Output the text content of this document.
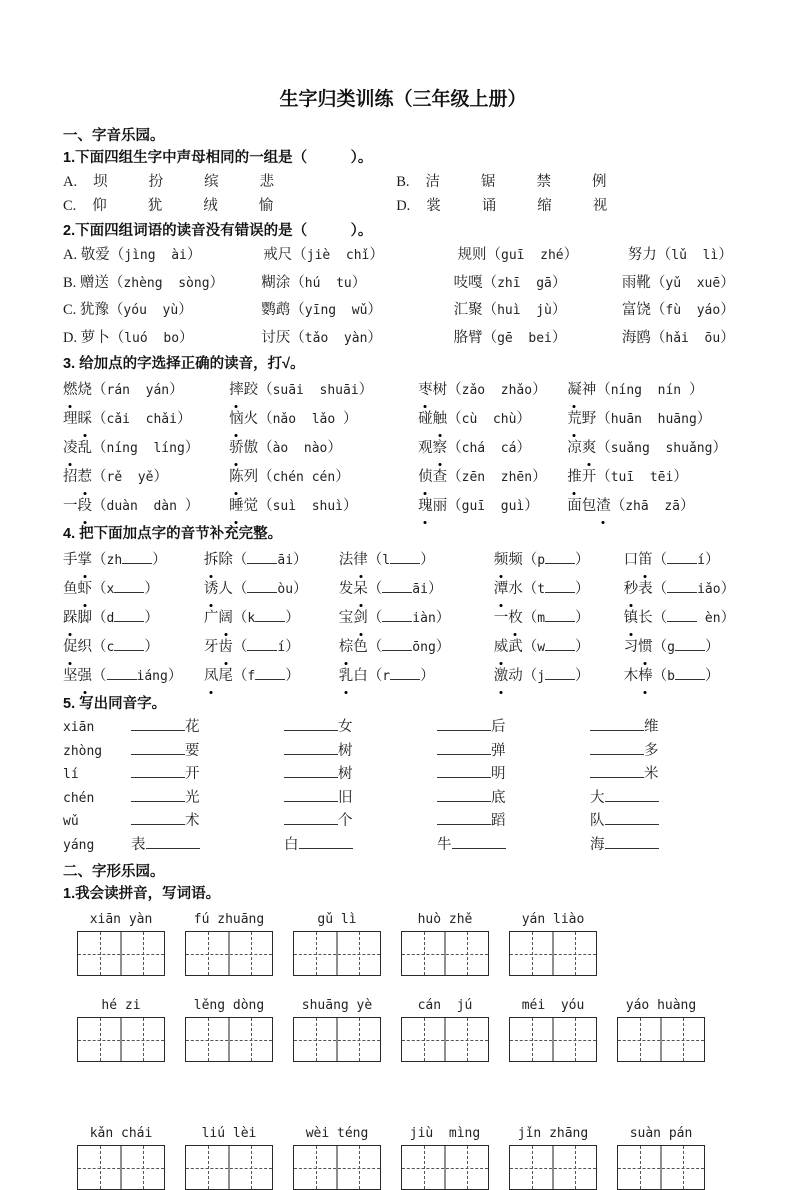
生字归类训练（三年级上册）
一、字音乐园。
1.下面四组生字中声母相同的一组是（　　　）。
A. 坝	扮	缤	悲	B. 洁	锯	禁	例
C. 仰	犹	绒	愉	D. 裳	诵	缩	视
2.下面四组词语的读音没有错误的是（　　　）。
A. 敬爱（jìng  ài）	戒尺（jiè  chǐ）	规则（guī  zhé）	努力（lǔ  lì）
B. 赠送（zhèng  sòng）	糊涂（hú  tu）	吱嘎（zhī  gā）	雨靴（yǔ  xuē）
C. 犹豫（yóu  yù）	鹦鹉（yīng  wǔ）	汇聚（huì  jù）	富饶（fù  yáo）
D. 萝卜（luó  bo）	讨厌（tǎo  yàn）	胳臂（gē  bei）	海鸥（hǎi  ōu）
3. 给加点的字选择正确的读音，打√。
燃烧（rán  yán）	摔跤（suāi  shuāi）	枣树（zǎo  zhǎo）	凝神（níng  nín ）
理睬（cǎi  chǎi）	恼火（nǎo  lǎo ）	碰触（cù  chù）	荒野（huān  huāng）
凌乱（níng  líng）	骄傲（ào  nào）	观察（chá  cá）	凉爽（suǎng  shuǎng）
招惹（rě  yě）	陈列（chén cén）	侦查（zēn  zhēn）	推开（tuī  tēi）
一段（duàn  dàn ）	睡觉（suì  shuì）	瑰丽（guī  guì）	面包渣（zhā  zā）
4. 把下面加点字的音节补充完整。
手掌（zh ）	拆除（ āi）	法律（l ）	频频（p ）	口笛（ í）
鱼虾（x ）	诱人（ òu）	发呆（ āi）	潭水（t ）	秒表（ iǎo）
跺脚（d ）	广阔（k ）	宝剑（ iàn）	一枚（m ）	镇长（ èn）
促织（c ）	牙齿（ í）	棕色（ ōng）	威武（w ）	习惯（g ）
坚强（ iáng）	凤尾（f ）	乳白（r ）	激动（j ）	木棒（b ）
5. 写出同音字。
xiān	花	女	后	维
zhòng	要	树	弹	多
lí	开	树	明	米
chén	光	旧	底	大
wǔ	术	个	蹈	队
yáng	表	白	牛	海
二、字形乐园。
1.我会读拼音，写词语。
xiān yàn	fú zhuāng	gǔ lì	huò zhě	yán liào
hé zi	lěng dòng	shuāng yè	cán  jú	méi  yóu	yáo huàng
kǎn chái	liú lèi	wèi téng	jiù  mìng	jǐn zhāng	suàn pán
